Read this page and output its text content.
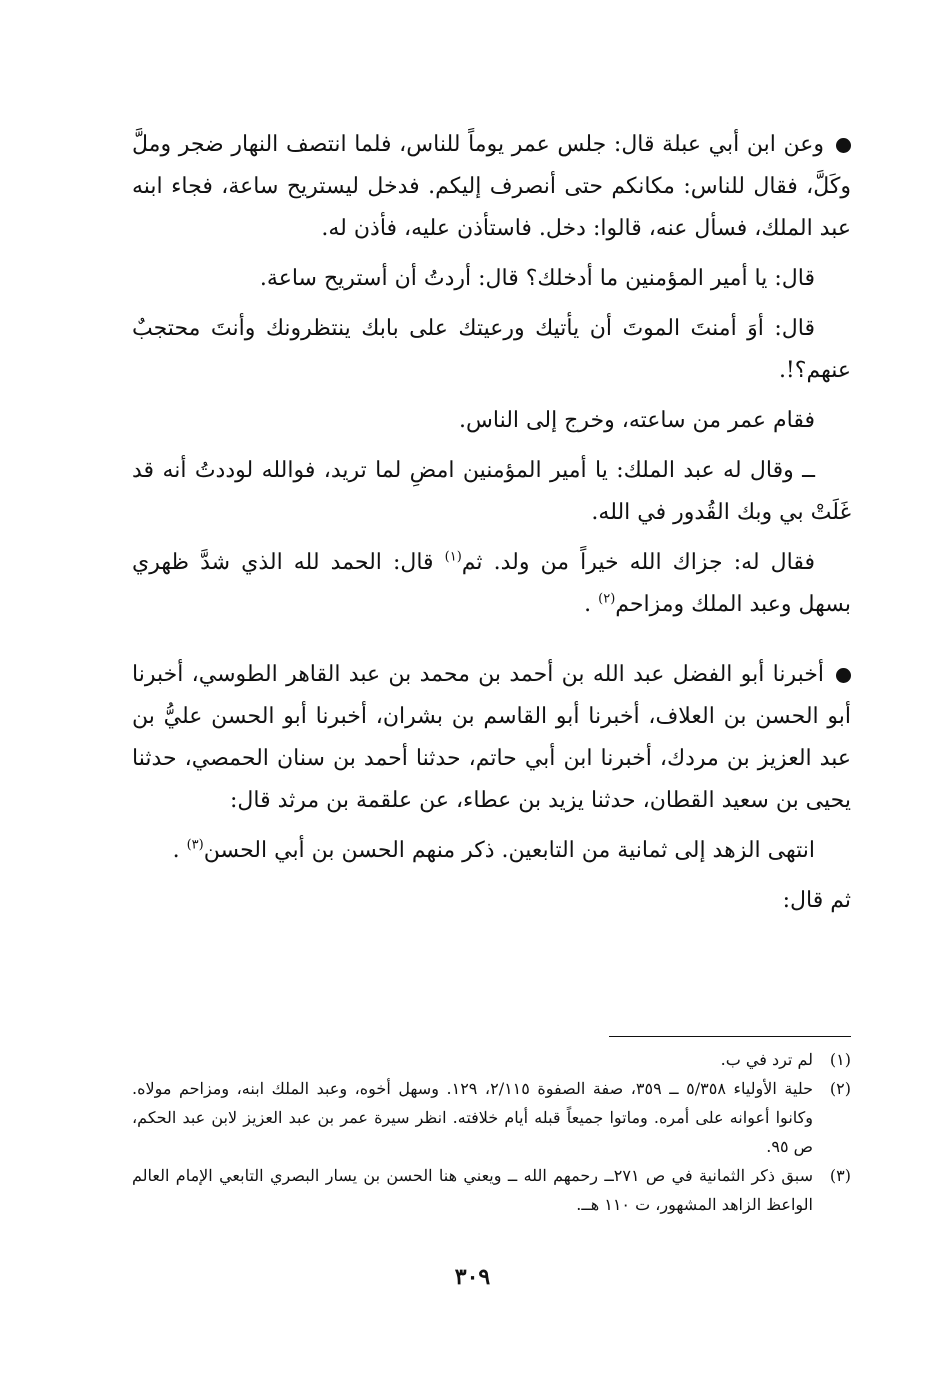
وعن ابن أبي عبلة قال: جلس عمر يوماً للناس، فلما انتصف النهار ضجر وملَّ وكَلَّ، فقال للناس: مكانكم حتى أنصرف إليكم. فدخل ليستريح ساعة، فجاء ابنه عبد الملك، فسأل عنه، قالوا: دخل. فاستأذن عليه، فأذن له.

قال: يا أمير المؤمنين ما أدخلك؟ قال: أردتُ أن أستريح ساعة.

قال: أوَ أمنتَ الموتَ أن يأتيك ورعيتك على بابك ينتظرونك وأنتَ محتجبٌ عنهم؟!.

فقام عمر من ساعته، وخرج إلى الناس.

ــ وقال له عبد الملك: يا أمير المؤمنين امضِ لما تريد، فوالله لوددتُ أنه قد غَلَتْ بي وبك القُدور في الله.

فقال له: جزاك الله خيراً من ولد. ثم$^{(١)}$ قال: الحمد لله الذي شدَّ ظهري بسهل وعبد الملك ومزاحم$^{(٢)}$ .

أخبرنا أبو الفضل عبد الله بن أحمد بن محمد بن عبد القاهر الطوسي، أخبرنا أبو الحسن بن العلاف، أخبرنا أبو القاسم بن بشران، أخبرنا أبو الحسن عليُّ بن عبد العزيز بن مردك، أخبرنا ابن أبي حاتم، حدثنا أحمد بن سنان الحمصي، حدثنا يحيى بن سعيد القطان، حدثنا يزيد بن عطاء، عن علقمة بن مرثد قال:

انتهى الزهد إلى ثمانية من التابعين. ذكر منهم الحسن بن أبي الحسن$^{(٣)}$ .

ثم قال:

(١)
لم ترد في ب.
(٢)
حلية الأولياء ٥/٣٥٨ ــ ٣٥٩، صفة الصفوة ٢/١١٥، ١٢٩. وسهل أخوه، وعبد الملك ابنه، ومزاحم مولاه. وكانوا أعوانه على أمره. وماتوا جميعاً قبله أيام خلافته. انظر سيرة عمر بن عبد العزيز لابن عبد الحكم، ص ٩٥.
(٣)
سبق ذكر الثمانية في ص ٢٧١ــ رحمهم الله ــ ويعني هنا الحسن بن يسار البصري التابعي الإمام العالم الواعظ الزاهد المشهور، ت ١١٠ هــ.
٣٠٩
